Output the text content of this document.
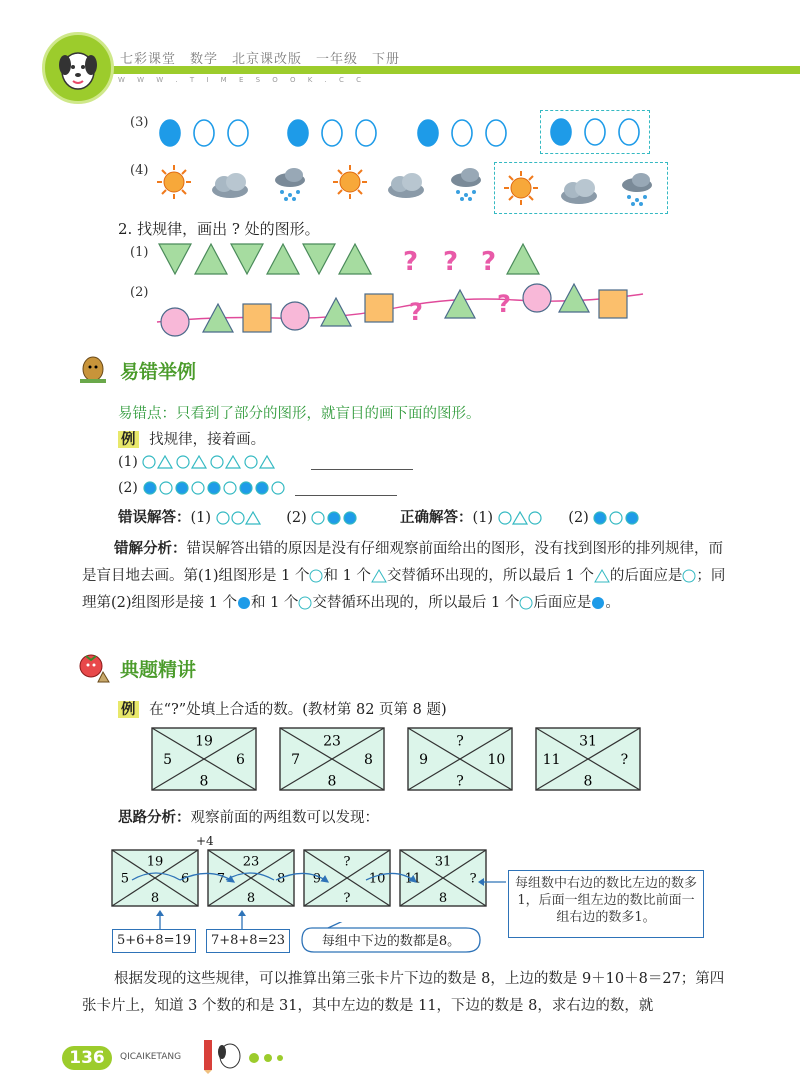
七彩课堂　数学　北京课改版　一年级　下册
W W W . T I M E S O O K . C C
(3)
(4)
2. 找规律，画出 ? 处的图形。
(1)	? ? ?
(2)
?	?
易错举例
易错点：只看到了部分的图形，就盲目的画下面的图形。
例 找规律，接着画。
(1)
(2)
错误解答：(1)	(2)	正确解答：(1)	(2)
错解分析：错误解答出错的原因是没有仔细观察前面给出的图形，没有找到图形的排列规律，而是盲目地去画。第(1)组图形是 1 个 和 1 个 交替循环出现的，所以最后 1 个 的后面应是 ；同理第(2)组图形是接 1 个 和 1 个 交替循环出现的，所以最后 1 个 后面应是 。
典题精讲
例 在“?”处填上合适的数。(教材第 82 页第 8 题)
19
5	6
8
23
7	8
8
?
9	10
?
31
11	?
8
思路分析：观察前面的两组数可以发现：
+4
19
5	6
8
23
7	8
8
?
9	10
?
31
11	?
8
5+6+8=19	7+8+8=23	每组中下边的数都是8。
每组数中右边的数比左边的数多1，后面一组左边的数比前面一组右边的数多1。
根据发现的这些规律，可以推算出第三张卡片下边的数是 8，上边的数是 9＋10＋8＝27；第四张卡片上，知道 3 个数的和是 31，其中左边的数是 11，下边的数是 8，求右边的数，就
136	QICAIKETANG
